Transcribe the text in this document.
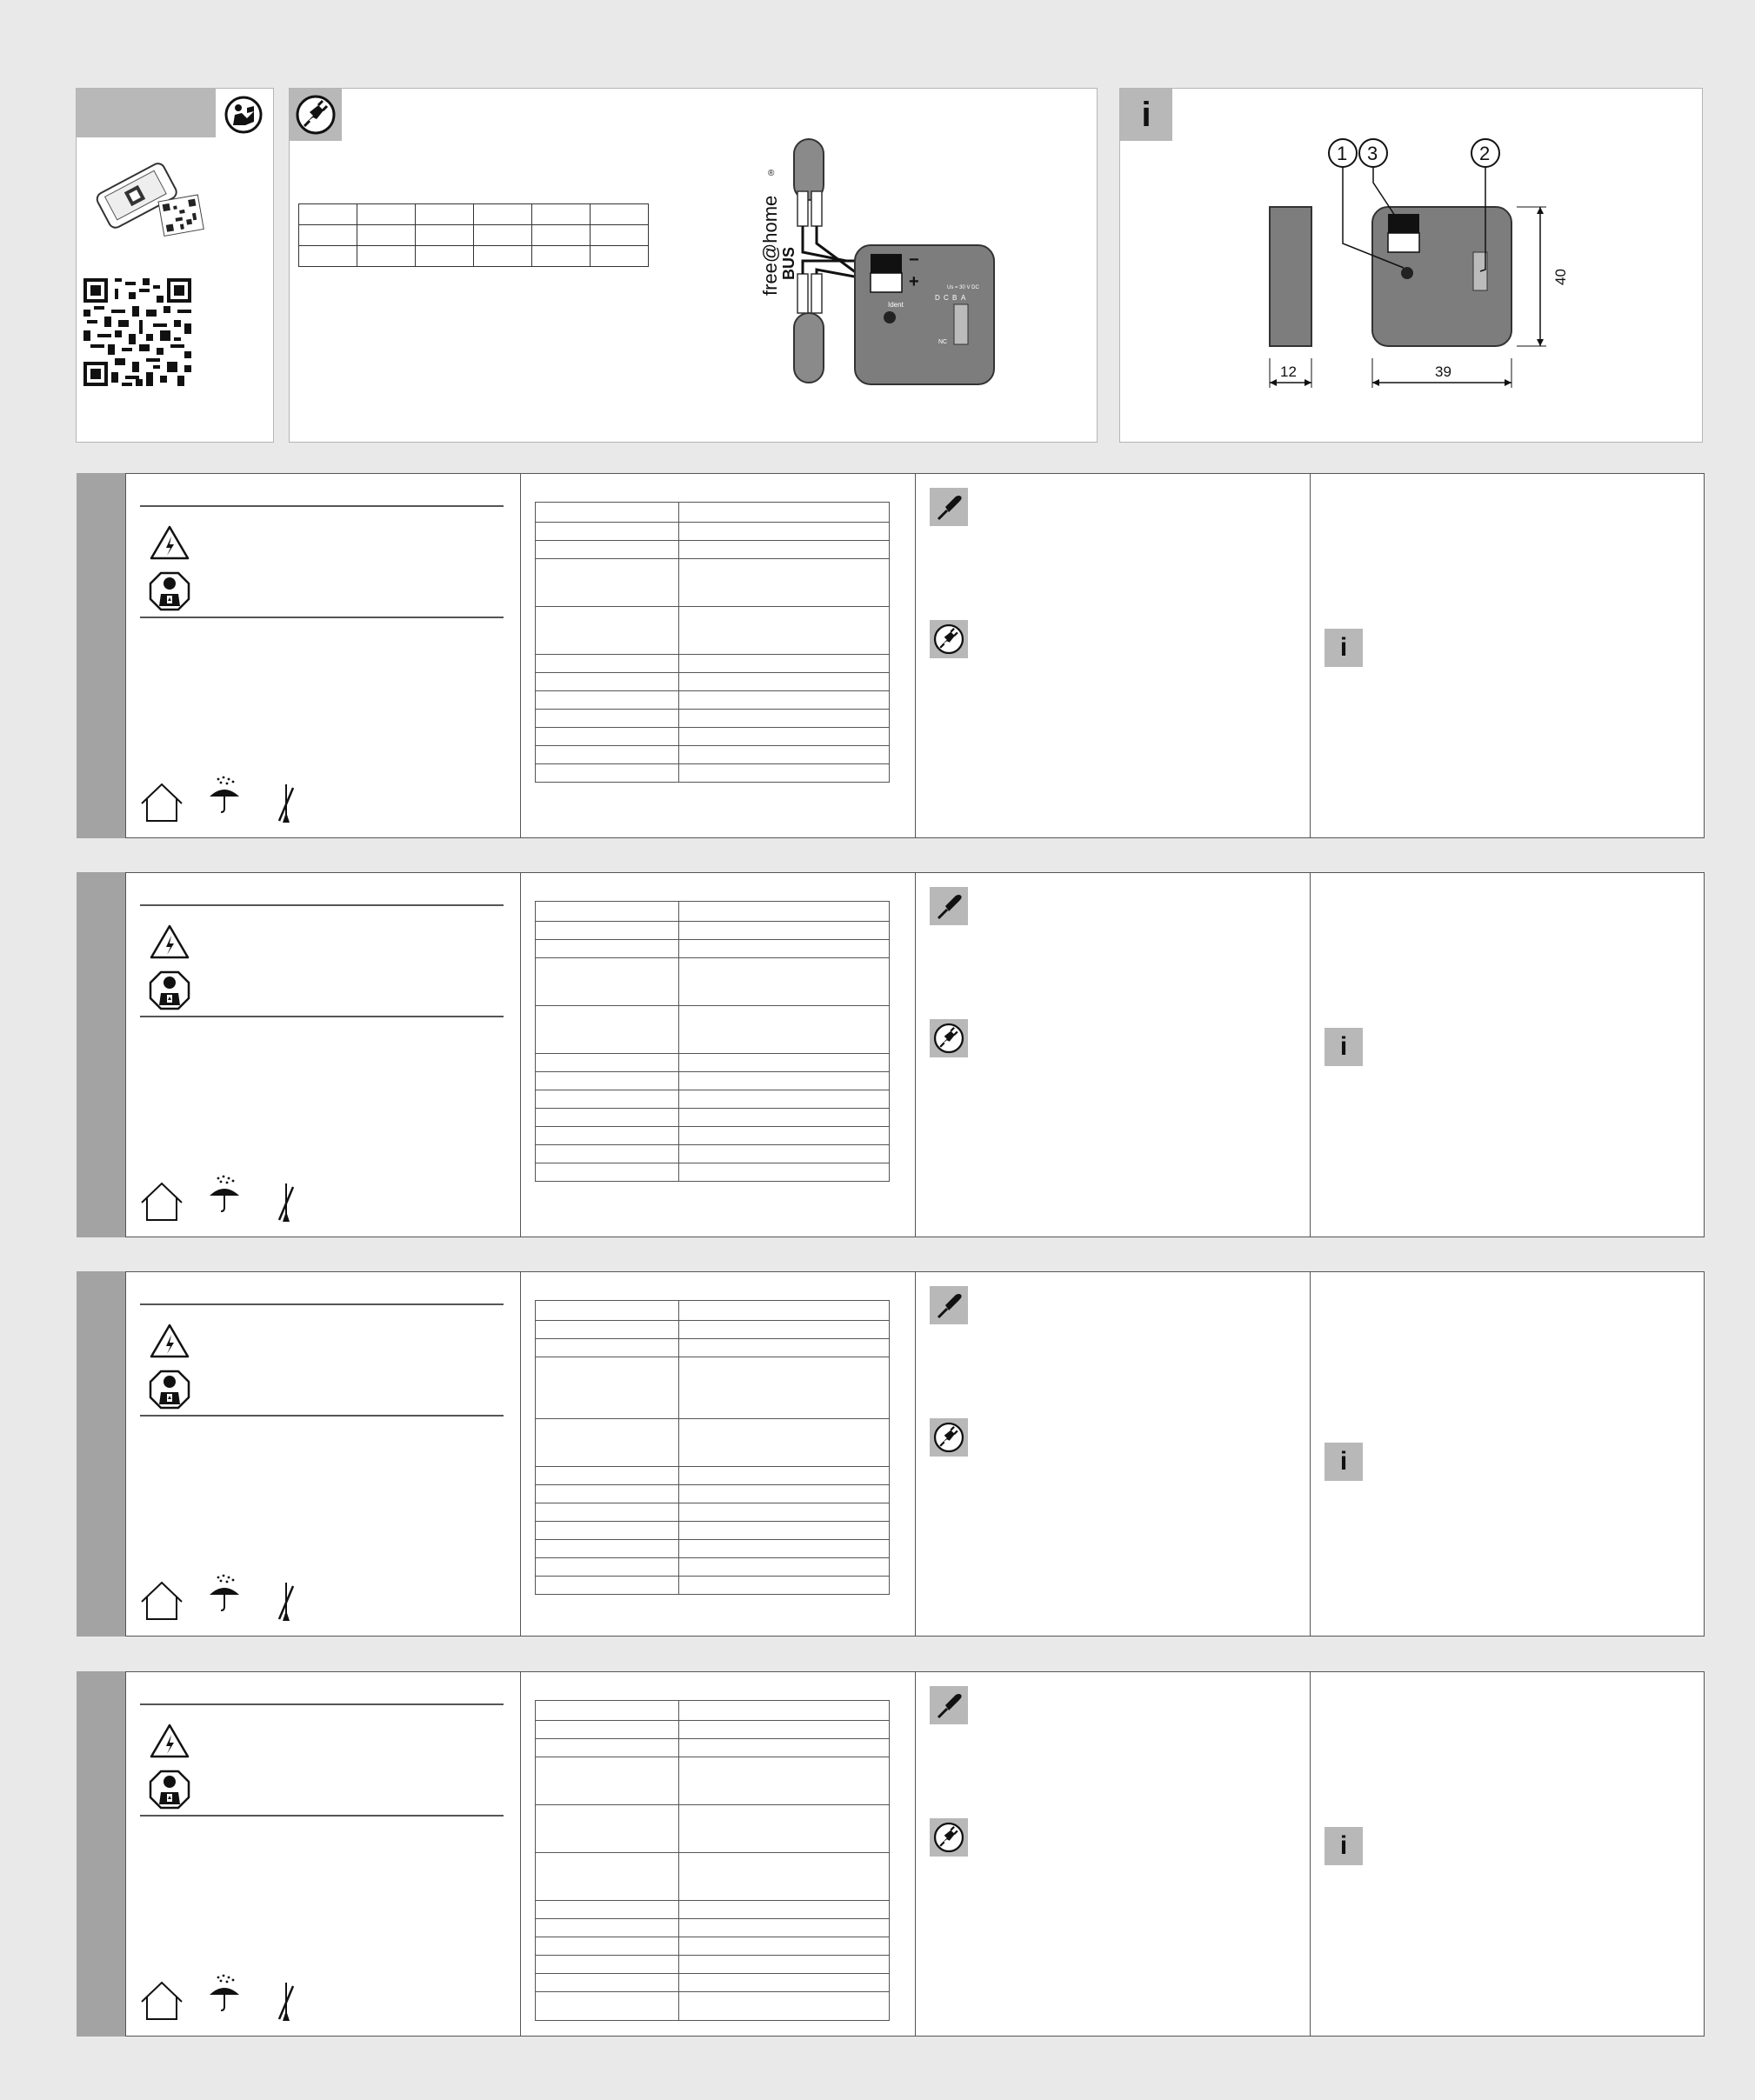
−
+
Ident
Us = 30 V DC
D C B A
NC
free@home
®
BUS
i
1 3	2
12	39
40

i

i

i

i
